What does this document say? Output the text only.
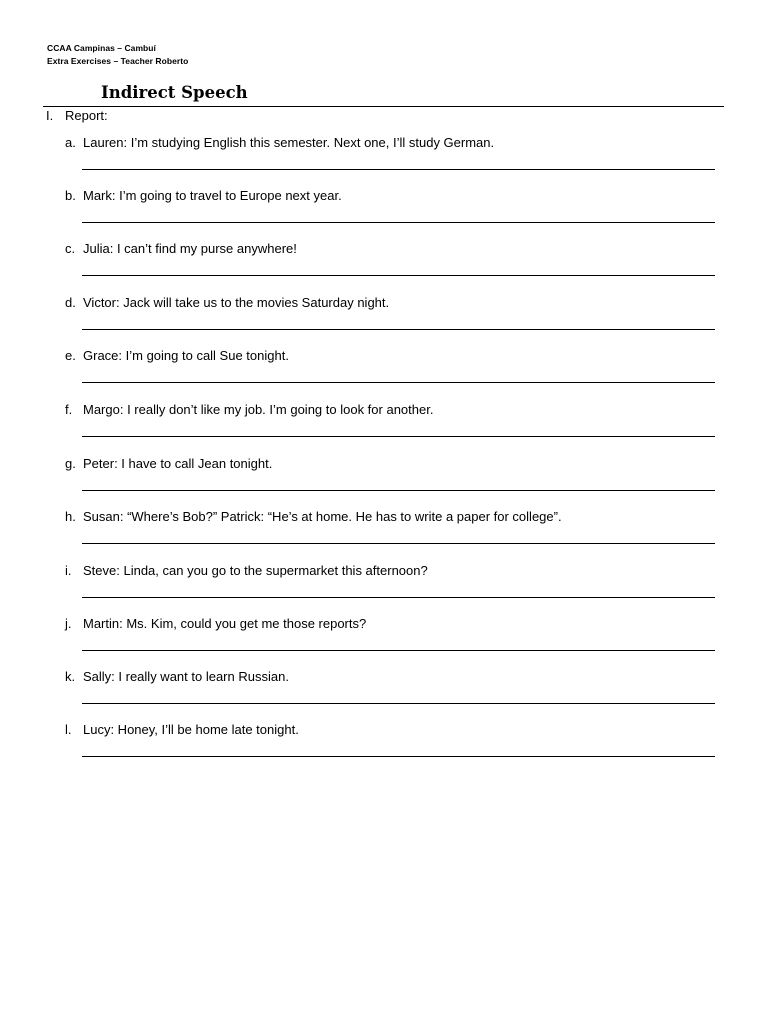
CCAA Campinas – Cambuí
Extra Exercises – Teacher Roberto
Indirect Speech
I. Report:
a. Lauren: I’m studying English this semester. Next one, I’ll study German.
b. Mark: I’m going to travel to Europe next year.
c. Julia: I can’t find my purse anywhere!
d. Victor: Jack will take us to the movies Saturday night.
e. Grace: I’m going to call Sue tonight.
f. Margo: I really don’t like my job. I’m going to look for another.
g. Peter: I have to call Jean tonight.
h. Susan: “Where’s Bob?” Patrick: “He’s at home. He has to write a paper for college”.
i. Steve: Linda, can you go to the supermarket this afternoon?
j. Martin: Ms. Kim, could you get me those reports?
k. Sally: I really want to learn Russian.
l. Lucy: Honey, I’ll be home late tonight.
